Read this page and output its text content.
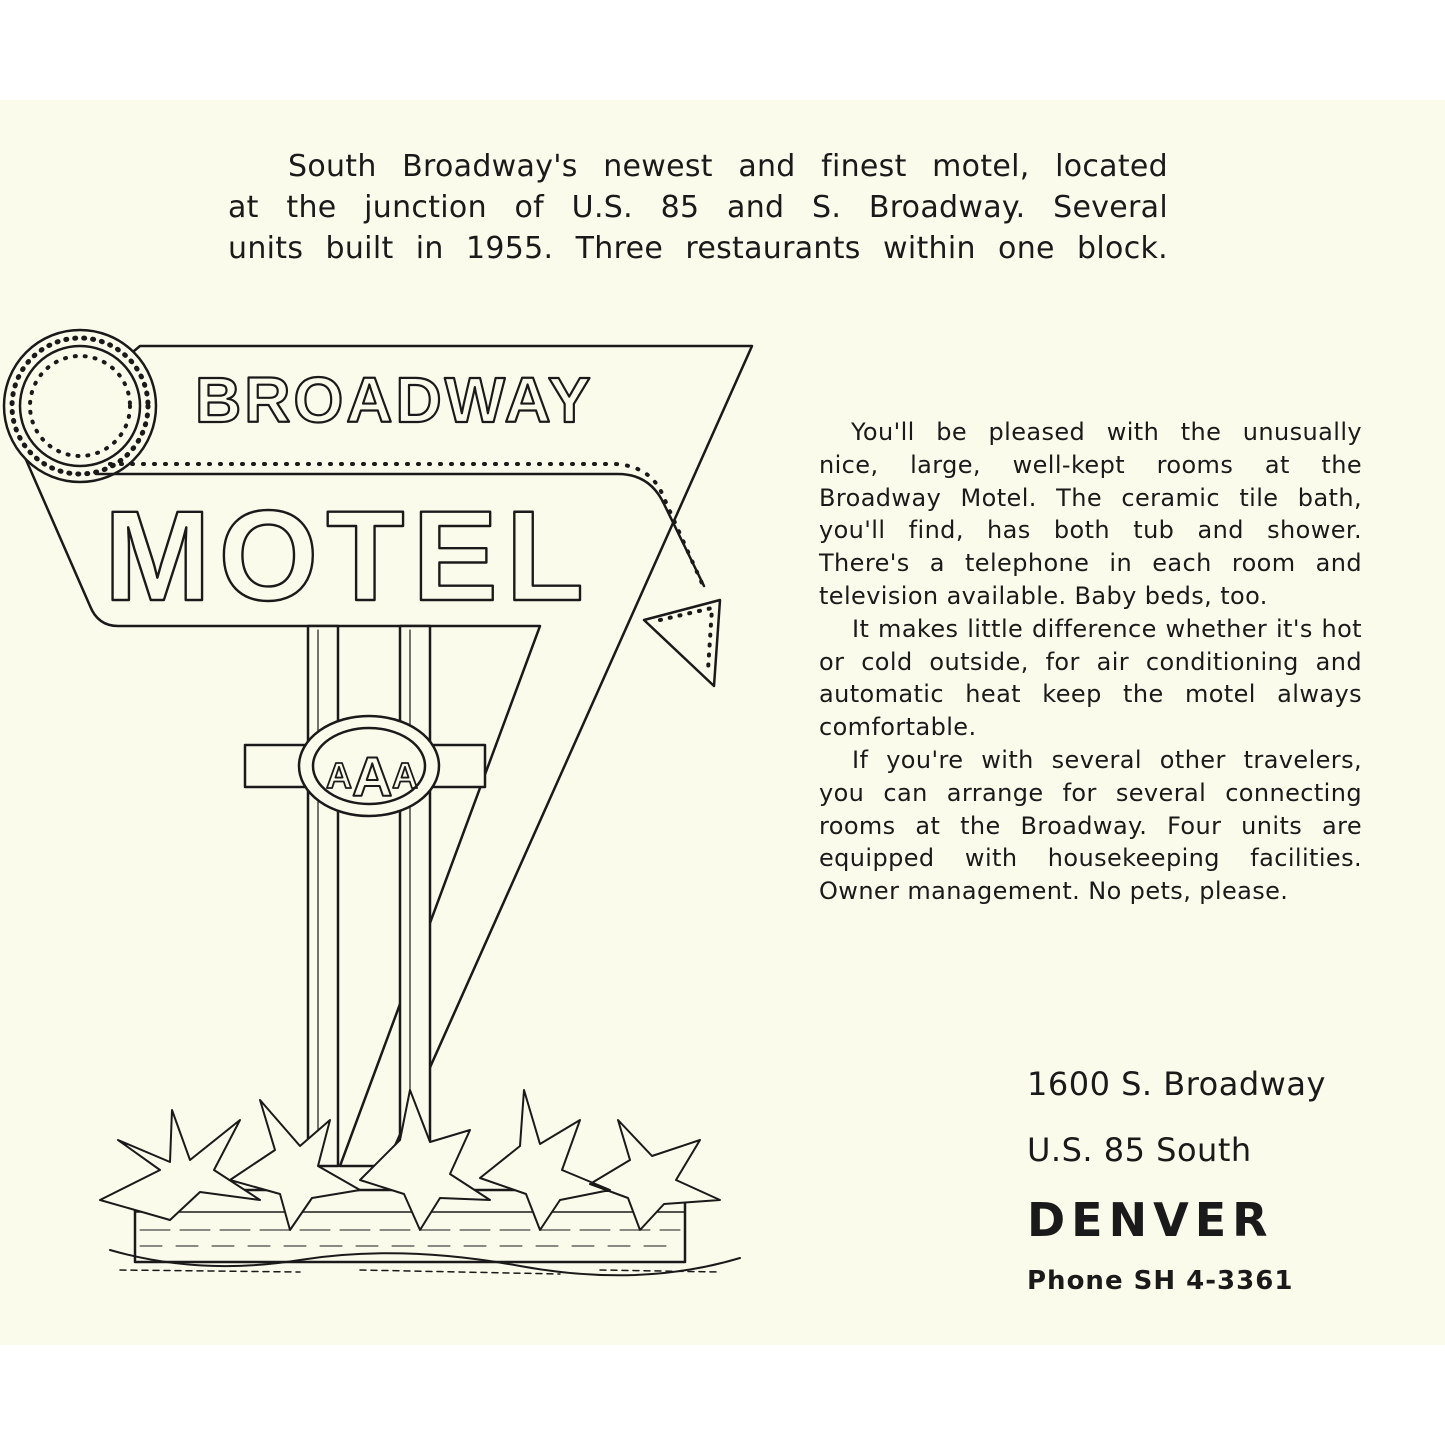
South Broadway's newest and finest motel, located
at the junction of U.S. 85 and S. Broadway. Several
units built in 1955. Three restaurants within one block.

You'll be pleased with the unusually nice, large, well-kept rooms at the Broadway Motel. The ceramic tile bath, you'll find, has both tub and shower. There's a telephone in each room and television available. Baby beds, too.

It makes little difference whether it's hot or cold outside, for air conditioning and automatic heat keep the motel always comfortable.

If you're with several other travelers, you can arrange for several connecting rooms at the Broadway. Four units are equipped with housekeeping facilities. Owner management. No pets, please.

1600 S. Broadway
U.S. 85 South
DENVER
Phone SH 4-3361
BROADWAY
MOTEL
A A A
